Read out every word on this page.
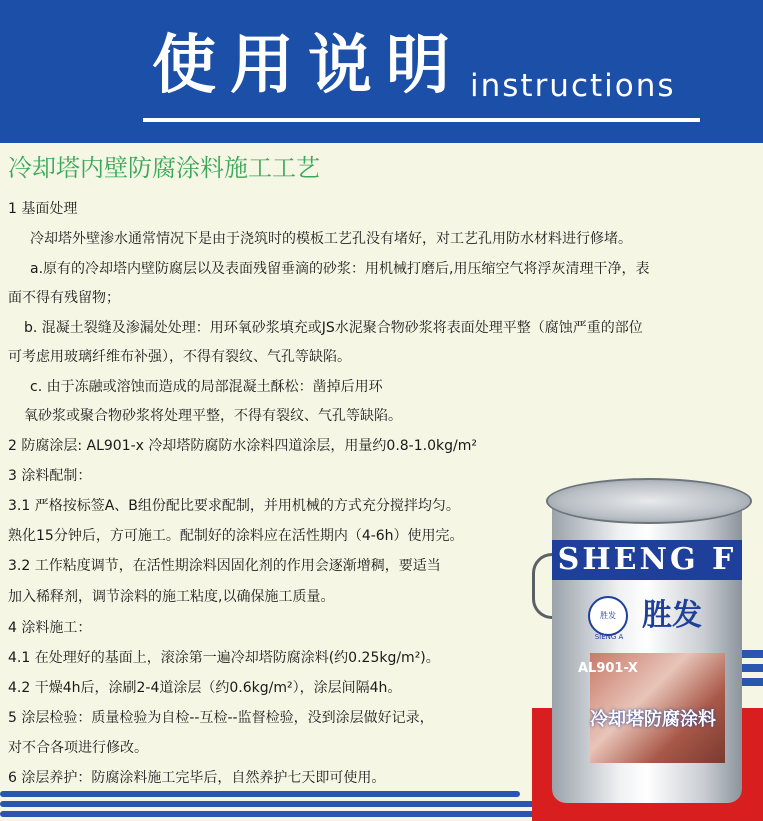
使用说明 instructions
冷却塔内壁防腐涂料施工工艺
1 基面处理
冷却塔外壁渗水通常情况下是由于浇筑时的模板工艺孔没有堵好，对工艺孔用防水材料进行修堵。
a.原有的冷却塔内壁防腐层以及表面残留垂滴的砂浆：用机械打磨后,用压缩空气将浮灰清理干净，表
面不得有残留物；
b. 混凝土裂缝及渗漏处处理：用环氧砂浆填充或JS水泥聚合物砂浆将表面处理平整（腐蚀严重的部位
可考虑用玻璃纤维布补强），不得有裂纹、气孔等缺陷。
c. 由于冻融或溶蚀而造成的局部混凝土酥松：凿掉后用环
氧砂浆或聚合物砂浆将处理平整，不得有裂纹、气孔等缺陷。
2 防腐涂层: AL901-x 冷却塔防腐防水涂料四道涂层，用量约0.8-1.0kg/m²
3 涂料配制：
3.1 严格按标签A、B组份配比要求配制，并用机械的方式充分搅拌均匀。
熟化15分钟后，方可施工。配制好的涂料应在活性期内（4-6h）使用完。
3.2 工作粘度调节，在活性期涂料因固化剂的作用会逐渐增稠，要适当
加入稀释剂，调节涂料的施工粘度,以确保施工质量。
4 涂料施工：
4.1 在处理好的基面上，滚涂第一遍冷却塔防腐涂料(约0.25kg/m²)。
4.2 干燥4h后，涂刷2-4道涂层（约0.6kg/m²），涂层间隔4h。
5 涂层检验：质量检验为自检--互检--监督检验，没到涂层做好记录，
对不合各项进行修改。
6 涂层养护：防腐涂料施工完毕后，自然养护七天即可使用。
SHENG F
胜发
SIENG A
胜发
AL901-X
冷却塔防腐涂料
